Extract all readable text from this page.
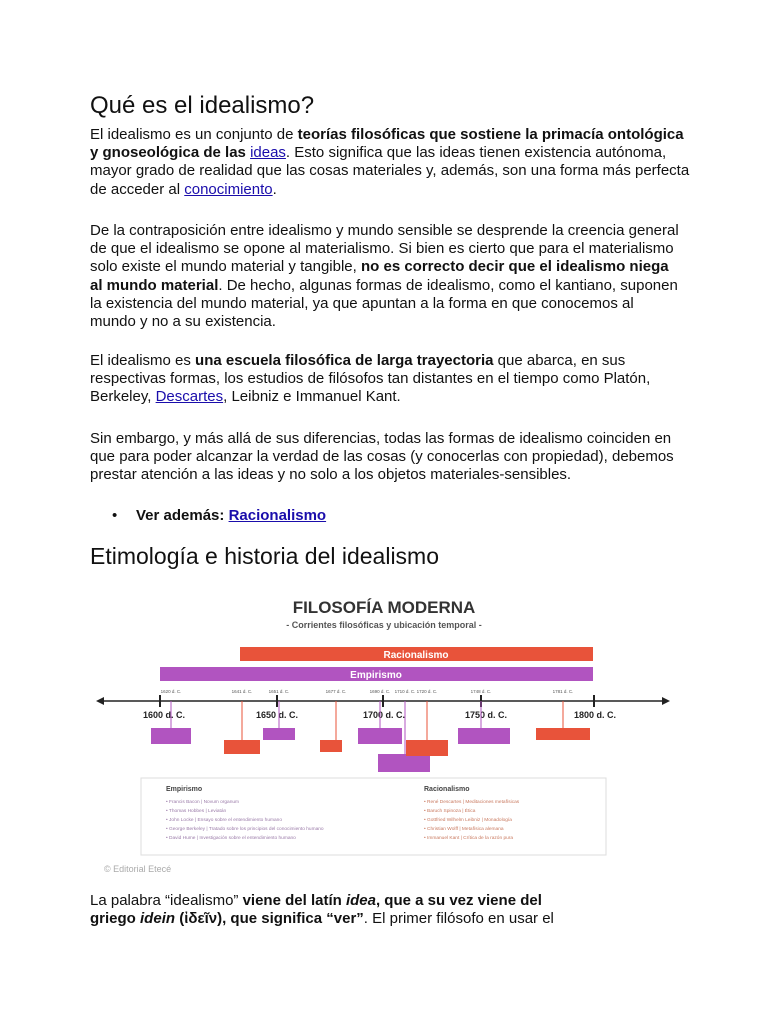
Qué es el idealismo?

El idealismo es un conjunto de teorías filosóficas que sostiene la primacía ontológica y gnoseológica de las ideas. Esto significa que las ideas tienen existencia autónoma, mayor grado de realidad que las cosas materiales y, además, son una forma más perfecta de acceder al conocimiento.

De la contraposición entre idealismo y mundo sensible se desprende la creencia general de que el idealismo se opone al materialismo. Si bien es cierto que para el materialismo solo existe el mundo material y tangible, no es correcto decir que el idealismo niega al mundo material. De hecho, algunas formas de idealismo, como el kantiano, suponen la existencia del mundo material, ya que apuntan a la forma en que conocemos al mundo y no a su existencia.

El idealismo es una escuela filosófica de larga trayectoria que abarca, en sus respectivas formas, los estudios de filósofos tan distantes en el tiempo como Platón, Berkeley, Descartes, Leibniz e Immanuel Kant.

Sin embargo, y más allá de sus diferencias, todas las formas de idealismo coinciden en que para poder alcanzar la verdad de las cosas (y conocerlas con propiedad), debemos prestar atención a las ideas y no solo a los objetos materiales-sensibles.

• Ver además: Racionalismo
Etimología e historia del idealismo
FILOSOFÍA MODERNA
- Corrientes filosóficas y ubicación temporal -
Racionalismo
Empirismo
1600 d. C.	1650 d. C.	1700 d. C.	1750 d. C.	1800 d. C.
1620 d. C.	1641 d. C.	1651 d. C.	1677 d. C.	1690 d. C. 1710 d. C. 1720 d. C.	1748 d. C.	1781 d. C.
Empirismo
• Francis Bacon | Novum organum
• Thomas Hobbes | Leviatán
• John Locke | Ensayo sobre el entendimiento humano
• George Berkeley | Tratado sobre los principios del conocimiento humano
• David Hume | Investigación sobre el entendimiento humano
Racionalismo
• René Descartes | Meditaciones metafísicas
• Baruch Spinoza | Ética
• Gottfried Wilhelm Leibniz | Monadología
• Christian Wolff | Metafísica alemana
• Immanuel Kant | Crítica de la razón pura
© Editorial Etecé

La palabra “idealismo” viene del latín idea, que a su vez viene del griego idein (ἰδεῖν), que significa “ver”. El primer filósofo en usar el
